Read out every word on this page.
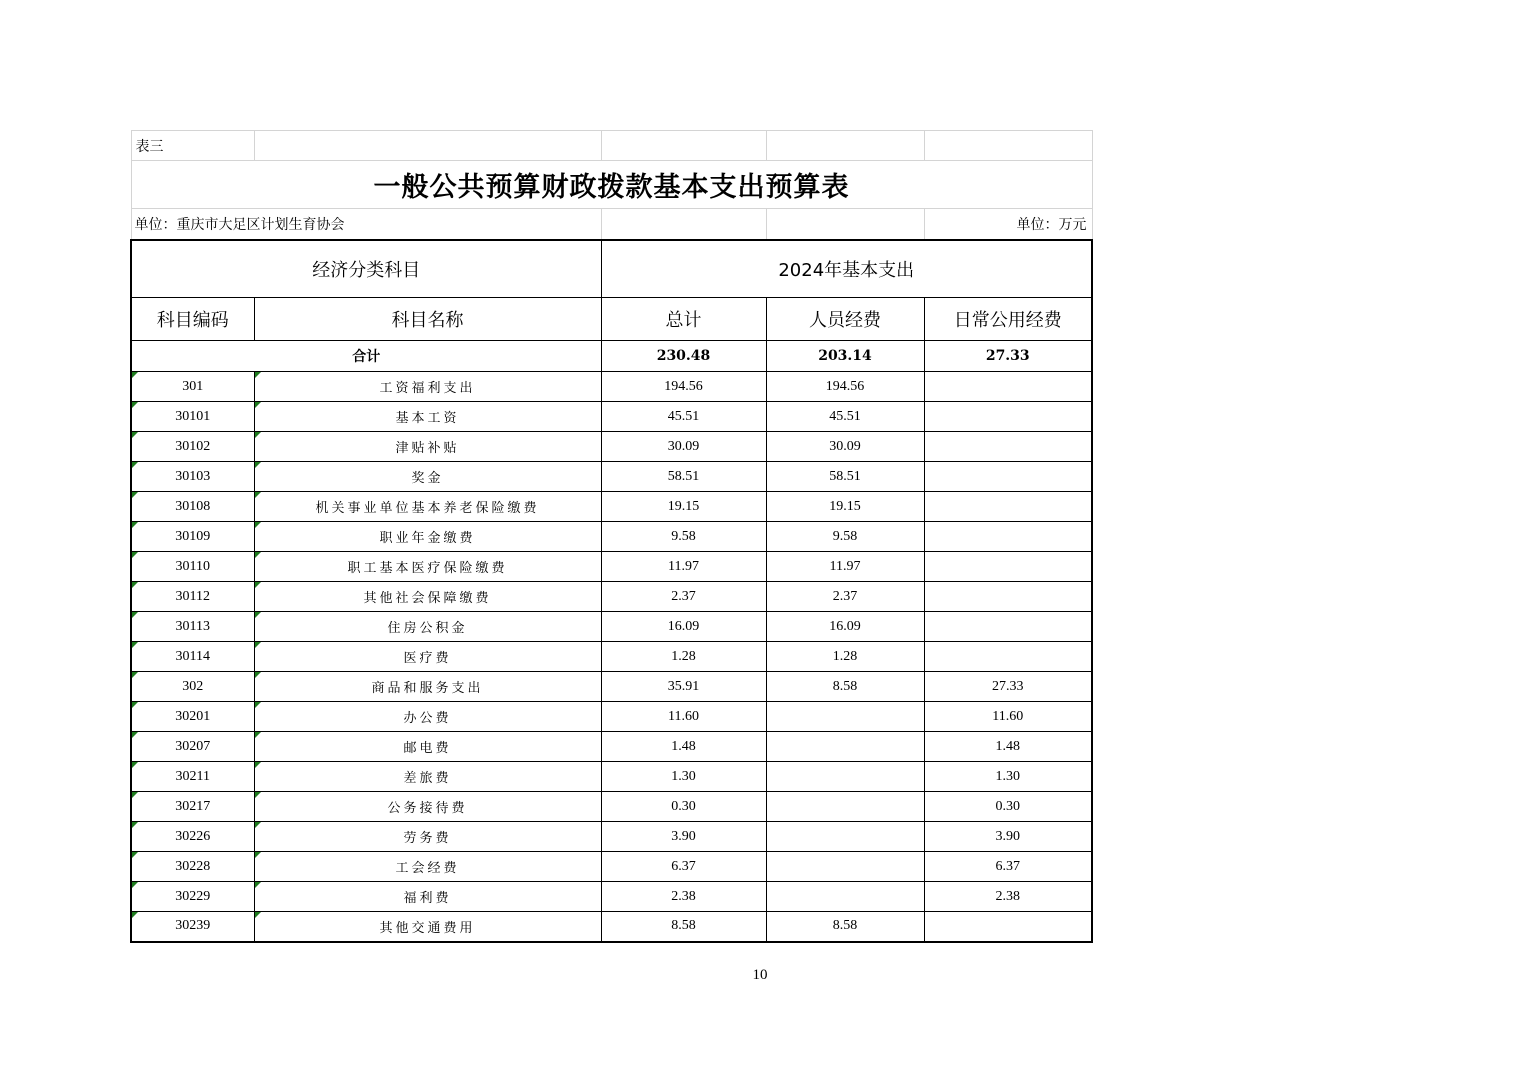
表三				
一般公共预算财政拨款基本支出预算表				
单位：重庆市大足区计划生育协会				单位：万元
经济分类科目		2024年基本支出		
科目编码	科目名称	总计	人员经费	日常公用经费
合计		230.48	203.14	27.33
301	工资福利支出	194.56	194.56	
30101	基本工资	45.51	45.51	
30102	津贴补贴	30.09	30.09	
30103	奖金	58.51	58.51	
30108	机关事业单位基本养老保险缴费	19.15	19.15	
30109	职业年金缴费	9.58	9.58	
30110	职工基本医疗保险缴费	11.97	11.97	
30112	其他社会保障缴费	2.37	2.37	
30113	住房公积金	16.09	16.09	
30114	医疗费	1.28	1.28	
302	商品和服务支出	35.91	8.58	27.33
30201	办公费	11.60		11.60
30207	邮电费	1.48		1.48
30211	差旅费	1.30		1.30
30217	公务接待费	0.30		0.30
30226	劳务费	3.90		3.90
30228	工会经费	6.37		6.37
30229	福利费	2.38		2.38
30239	其他交通费用	8.58	8.58	
10
